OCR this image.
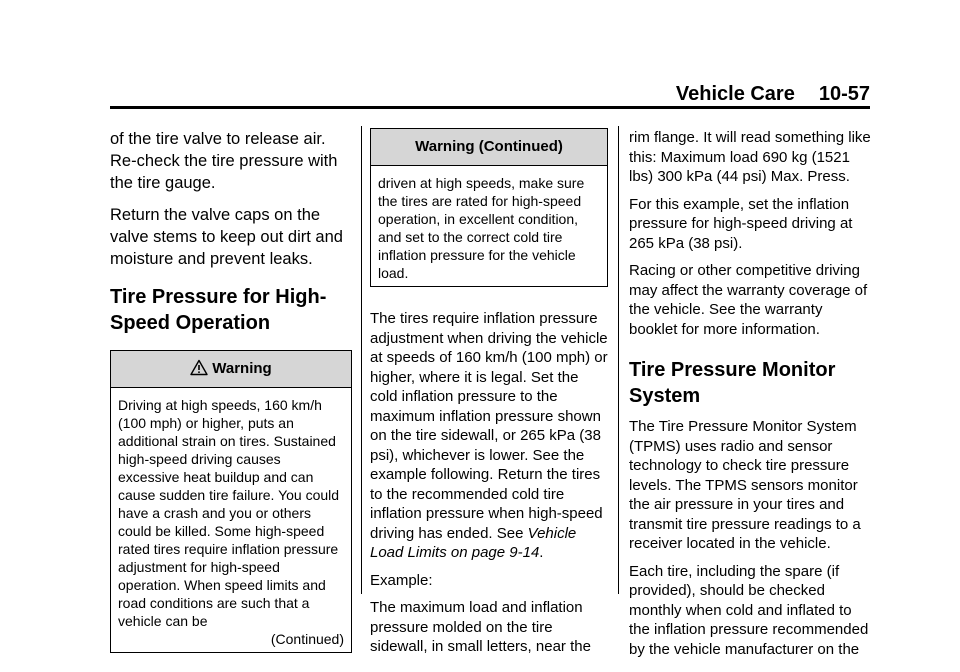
Vehicle Care 10-57

of the tire valve to release air. Re-check the tire pressure with the tire gauge.

Return the valve caps on the valve stems to keep out dirt and moisture and prevent leaks.

Tire Pressure for High-Speed Operation
Warning
Driving at high speeds, 160 km/h (100 mph) or higher, puts an additional strain on tires. Sustained high-speed driving causes excessive heat buildup and can cause sudden tire failure. You could have a crash and you or others could be killed. Some high-speed rated tires require inflation pressure adjustment for high-speed operation. When speed limits and road conditions are such that a vehicle can be
(Continued)
Warning (Continued)
driven at high speeds, make sure the tires are rated for high-speed operation, in excellent condition, and set to the correct cold tire inflation pressure for the vehicle load.

The tires require inflation pressure adjustment when driving the vehicle at speeds of 160 km/h (100 mph) or higher, where it is legal. Set the cold inflation pressure to the maximum inflation pressure shown on the tire sidewall, or 265 kPa (38 psi), whichever is lower. See the example following. Return the tires to the recommended cold tire inflation pressure when high-speed driving has ended. See Vehicle Load Limits on page 9-14.

Example:

The maximum load and inflation pressure molded on the tire sidewall, in small letters, near the

rim flange. It will read something like this: Maximum load 690 kg (1521 lbs) 300 kPa (44 psi) Max. Press.

For this example, set the inflation pressure for high-speed driving at 265 kPa (38 psi).

Racing or other competitive driving may affect the warranty coverage of the vehicle. See the warranty booklet for more information.

Tire Pressure Monitor System

The Tire Pressure Monitor System (TPMS) uses radio and sensor technology to check tire pressure levels. The TPMS sensors monitor the air pressure in your tires and transmit tire pressure readings to a receiver located in the vehicle.

Each tire, including the spare (if provided), should be checked monthly when cold and inflated to the inflation pressure recommended by the vehicle manufacturer on the
